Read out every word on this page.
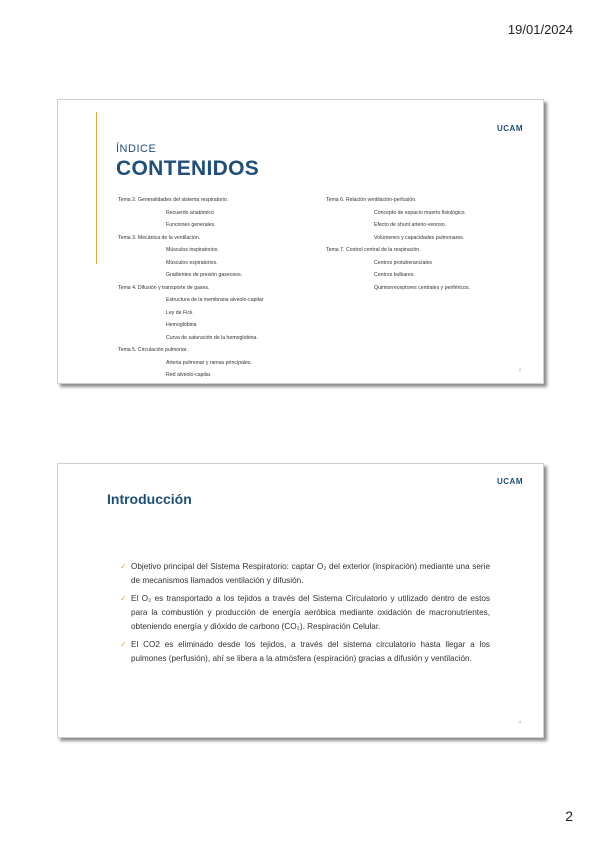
19/01/2024
UCAM
ÍNDICE
CONTENIDOS
Tema 2. Generalidades del sistema respiratorio.
Recuerdo anatómico
Funciones generales.
Tema 3. Mecánica de la ventilación.
Músculos inspiratorios.
Músculos espiratorios.
Gradientes de presión gaseosos.
Tema 4. Difusión y transporte de gases.
Estructura de la membrana alveolo-capilar
Ley de Fick
Hemoglobina
Curva de saturación de la hemoglobina.
Tema 5. Circulación pulmonar.
Arteria pulmonar y ramas principales.
Red alveolo-capilar.
Tema 6. Relación ventilación-perfusión.
Concepto de espacio muerto fisiológico.
Efecto de shunt arterio-venoso.
Volúmenes y capacidades pulmonares.
Tema 7. Control central de la respiración.
Centros protuberanciales
Centros bulbares.
Quimiorreceptores centrales y periféricos.
2
UCAM
Introducción
✓ Objetivo principal del Sistema Respiratorio: captar O₂ del exterior (inspiración) mediante una serie de mecanismos llamados ventilación y difusión.
✓ El O₂ es transportado a los tejidos a través del Sistema Circulatorio y utilizado dentro de estos para la combustión y producción de energía aeróbica mediante oxidación de macronutrientes, obteniendo energía y dióxido de carbono (CO₂). Respiración Celular.
✓ El CO2 es eliminado desde los tejidos, a través del sistema circulatorio hasta llegar a los pulmones (perfusión), ahí se libera a la atmósfera (espiración) gracias a difusión y ventilación.
4
2
